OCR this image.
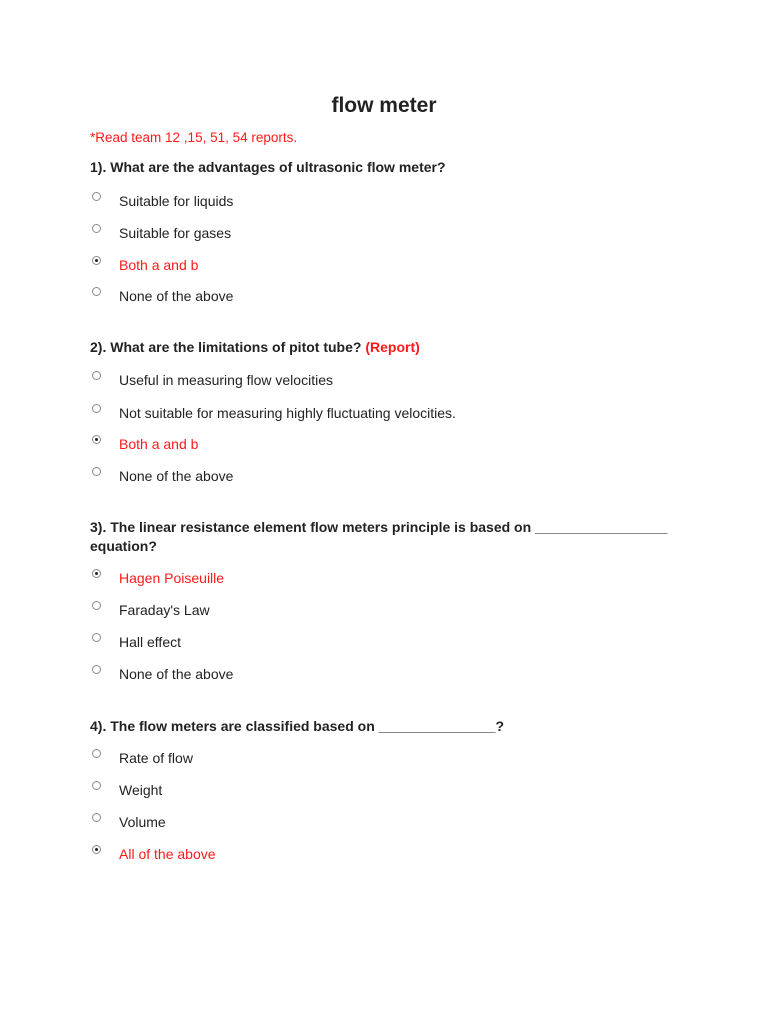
flow meter
*Read team 12 ,15, 51, 54 reports.
1). What are the advantages of ultrasonic flow meter?
Suitable for liquids
Suitable for gases
Both a and b
None of the above
2). What are the limitations of pitot tube? (Report)
Useful in measuring flow velocities
Not suitable for measuring highly fluctuating velocities.
Both a and b
None of the above
3). The linear resistance element flow meters principle is based on _________________ equation?
Hagen Poiseuille
Faraday's Law
Hall effect
None of the above
4). The flow meters are classified based on _______________?
Rate of flow
Weight
Volume
All of the above
